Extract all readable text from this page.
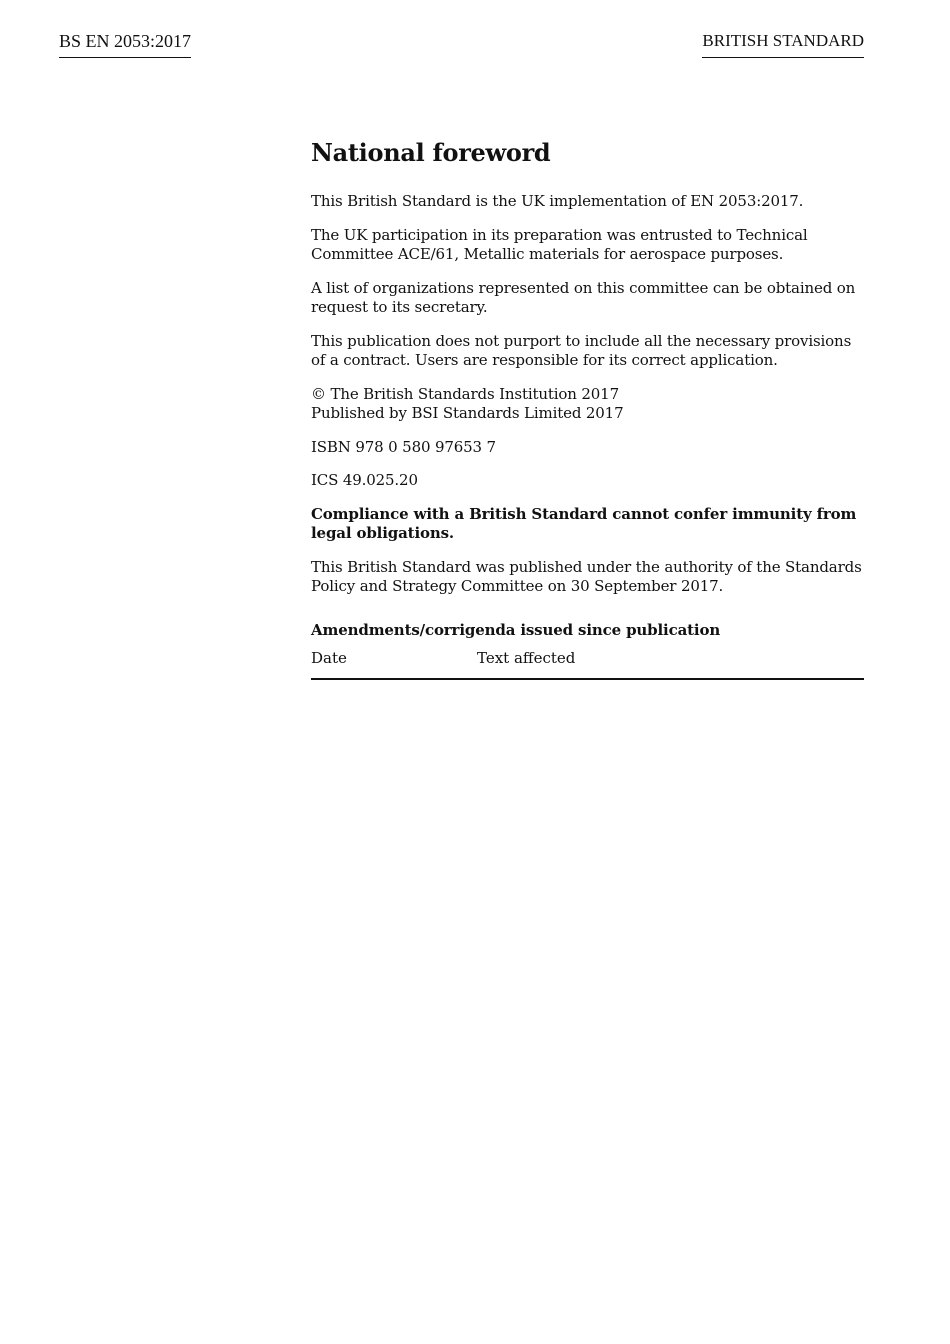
BS EN 2053:2017	BRITISH STANDARD
National foreword

This British Standard is the UK implementation of EN 2053:2017.

The UK participation in its preparation was entrusted to Technical Committee ACE/61, Metallic materials for aerospace purposes.

A list of organizations represented on this committee can be obtained on request to its secretary.

This publication does not purport to include all the necessary provisions of a contract. Users are responsible for its correct application.

© The British Standards Institution 2017
Published by BSI Standards Limited 2017

ISBN 978 0 580 97653 7

ICS 49.025.20

Compliance with a British Standard cannot confer immunity from legal obligations.

This British Standard was published under the authority of the Standards Policy and Strategy Committee on 30 September 2017.

Amendments/corrigenda issued since publication
Date	Text affected
